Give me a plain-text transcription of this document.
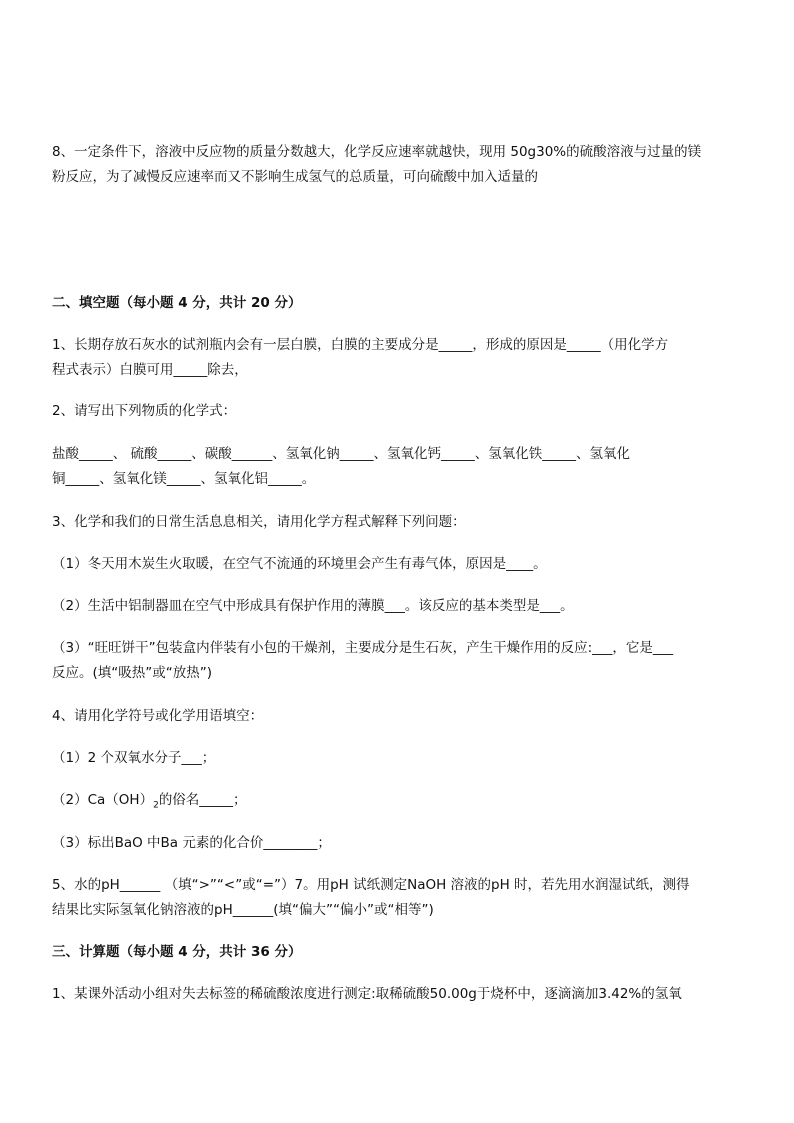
8、一定条件下，溶液中反应物的质量分数越大，化学反应速率就越快，现用 50g30%的硫酸溶液与过量的镁
粉反应，为了减慢反应速率而又不影响生成氢气的总质量，可向硫酸中加入适量的
二、填空题（每小题 4 分，共计 20 分）
1、长期存放石灰水的试剂瓶内会有一层白膜，白膜的主要成分是_____，形成的原因是_____（用化学方
程式表示）白膜可用_____除去，
2、请写出下列物质的化学式：
盐酸_____、 硫酸_____、碳酸______、氢氧化钠_____、氢氧化钙_____、氢氧化铁_____、氢氧化
铜_____、氢氧化镁_____、氢氧化铝_____。
3、化学和我们的日常生活息息相关，请用化学方程式解释下列问题：
（1）冬天用木炭生火取暖，在空气不流通的环境里会产生有毒气体，原因是____。
（2）生活中铝制器皿在空气中形成具有保护作用的薄膜___。该反应的基本类型是___。
（3）“旺旺饼干”包装盒内伴装有小包的干燥剂，主要成分是生石灰，产生干燥作用的反应:___，它是___
反应。(填“吸热”或“放热”)
4、请用化学符号或化学用语填空：
（1）2 个双氧水分子___；
$(2)Ca(OH)_2$的俗名_____；
（3）标出BaO 中Ba 元素的化合价________；
5、水的pH______ （填“>”“<”或“=”）7。用pH 试纸测定NaOH 溶液的pH 时，若先用水润湿试纸，测得
结果比实际氢氧化钠溶液的pH______(填“偏大”“偏小”或“相等”)
三、计算题（每小题 4 分，共计 36 分）
1、某课外活动小组对失去标签的稀硫酸浓度进行测定:取稀硫酸50.00g于烧杯中，逐滴滴加3.42%的氢氧
